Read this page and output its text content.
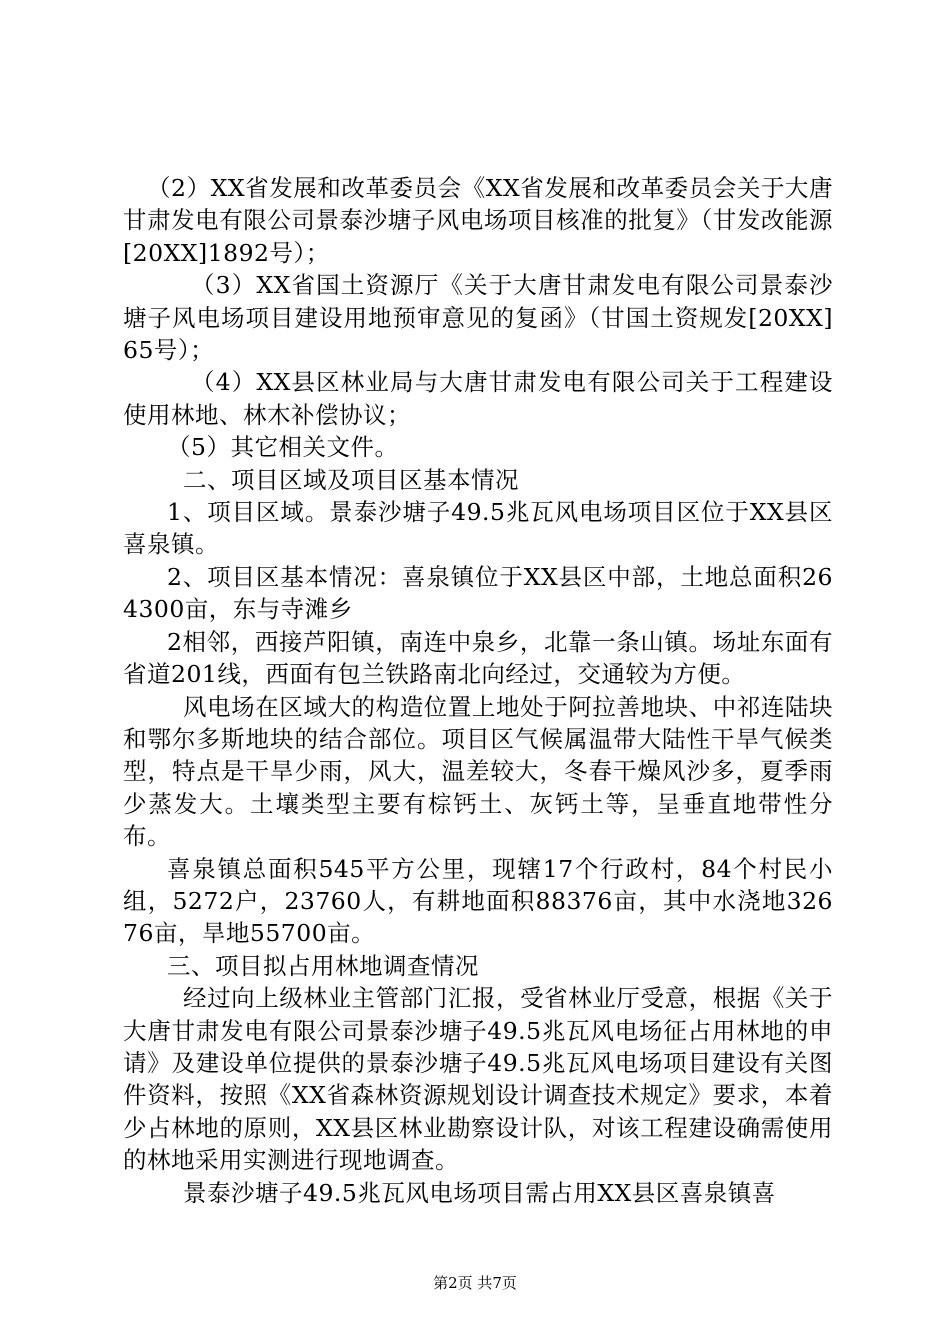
（2）XX省发展和改革委员会《XX省发展和改革委员会关于大唐甘肃发电有限公司景泰沙塘子风电场项目核准的批复》（甘发改能源[20XX]1892号）；

（3）XX省国土资源厅《关于大唐甘肃发电有限公司景泰沙塘子风电场项目建设用地预审意见的复函》（甘国土资规发[20XX]65号）；

（4）XX县区林业局与大唐甘肃发电有限公司关于工程建设使用林地、林木补偿协议；

（5）其它相关文件。

二、项目区域及项目区基本情况

1、项目区域。景泰沙塘子49.5兆瓦风电场项目区位于XX县区喜泉镇。

2、项目区基本情况：喜泉镇位于XX县区中部，土地总面积264300亩，东与寺滩乡

2相邻，西接芦阳镇，南连中泉乡，北靠一条山镇。场址东面有省道201线，西面有包兰铁路南北向经过，交通较为方便。

风电场在区域大的构造位置上地处于阿拉善地块、中祁连陆块和鄂尔多斯地块的结合部位。项目区气候属温带大陆性干旱气候类型，特点是干旱少雨，风大，温差较大，冬春干燥风沙多，夏季雨少蒸发大。土壤类型主要有棕钙土、灰钙土等，呈垂直地带性分布。

喜泉镇总面积545平方公里，现辖17个行政村，84个村民小组，5272户，23760人，有耕地面积88376亩，其中水浇地32676亩，旱地55700亩。

三、项目拟占用林地调查情况

经过向上级林业主管部门汇报，受省林业厅受意，根据《关于大唐甘肃发电有限公司景泰沙塘子49.5兆瓦风电场征占用林地的申请》及建设单位提供的景泰沙塘子49.5兆瓦风电场项目建设有关图件资料，按照《XX省森林资源规划设计调查技术规定》要求，本着少占林地的原则，XX县区林业勘察设计队，对该工程建设确需使用的林地采用实测进行现地调查。

景泰沙塘子49.5兆瓦风电场项目需占用XX县区喜泉镇喜

第2页 共7页
